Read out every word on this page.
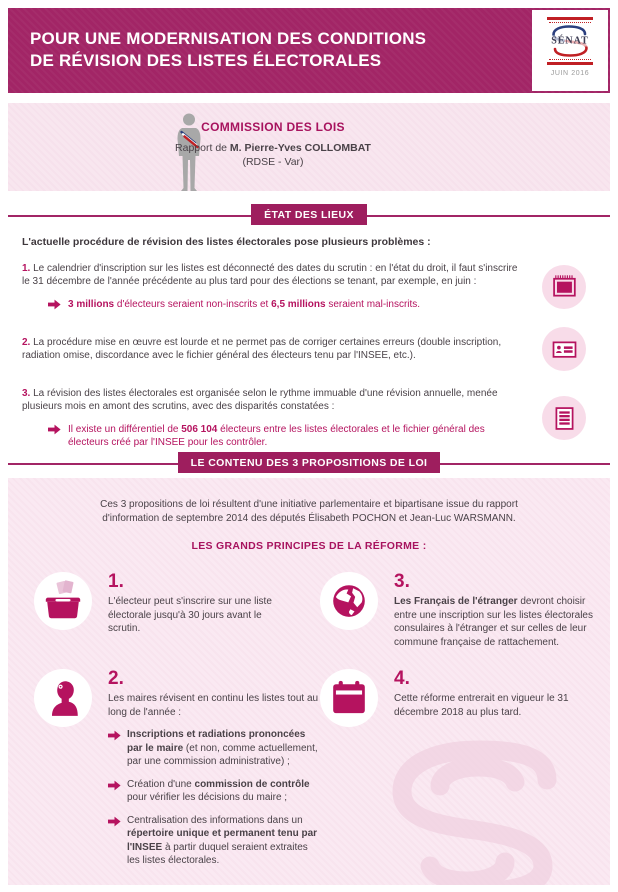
POUR UNE MODERNISATION DES CONDITIONS
DE RÉVISION DES LISTES ÉLECTORALES
SÉNAT
JUIN 2016
COMMISSION DES LOIS
Rapport de M. Pierre-Yves COLLOMBAT
(RDSE - Var)
ÉTAT DES LIEUX
L'actuelle procédure de révision des listes électorales pose plusieurs problèmes :

1. Le calendrier d'inscription sur les listes est déconnecté des dates du scrutin : en l'état du droit, il faut s'inscrire le 31 décembre de l'année précédente au plus tard pour des élections se tenant, par exemple, en juin :

3 millions d'électeurs seraient non-inscrits et 6,5 millions seraient mal-inscrits.

2. La procédure mise en œuvre est lourde et ne permet pas de corriger certaines erreurs (double inscription, radiation omise, discordance avec le fichier général des électeurs tenu par l'INSEE, etc.).

3. La révision des listes électorales est organisée selon le rythme immuable d'une révision annuelle, menée plusieurs mois en amont des scrutins, avec des disparités constatées :

Il existe un différentiel de 506 104 électeurs entre les listes électorales et le fichier général des électeurs créé par l'INSEE pour les contrôler.

LE CONTENU DES 3 PROPOSITIONS DE LOI
Ces 3 propositions de loi résultent d'une initiative parlementaire et bipartisane issue du rapport d'information de septembre 2014 des députés Élisabeth POCHON et Jean-Luc WARSMANN.
LES GRANDS PRINCIPES DE LA RÉFORME :
1.

L'électeur peut s'inscrire sur une liste électorale jusqu'à 30 jours avant le scrutin.

2.

Les maires révisent en continu les listes tout au long de l'année :

Inscriptions et radiations prononcées par le maire (et non, comme actuellement, par une commission administrative) ;

Création d'une commission de contrôle pour vérifier les décisions du maire ;

Centralisation des informations dans un répertoire unique et permanent tenu par l'INSEE à partir duquel seraient extraites les listes électorales.

3.

Les Français de l'étranger devront choisir entre une inscription sur les listes électorales consulaires à l'étranger et sur celles de leur commune française de rattachement.

4.

Cette réforme entrerait en vigueur le 31 décembre 2018 au plus tard.
